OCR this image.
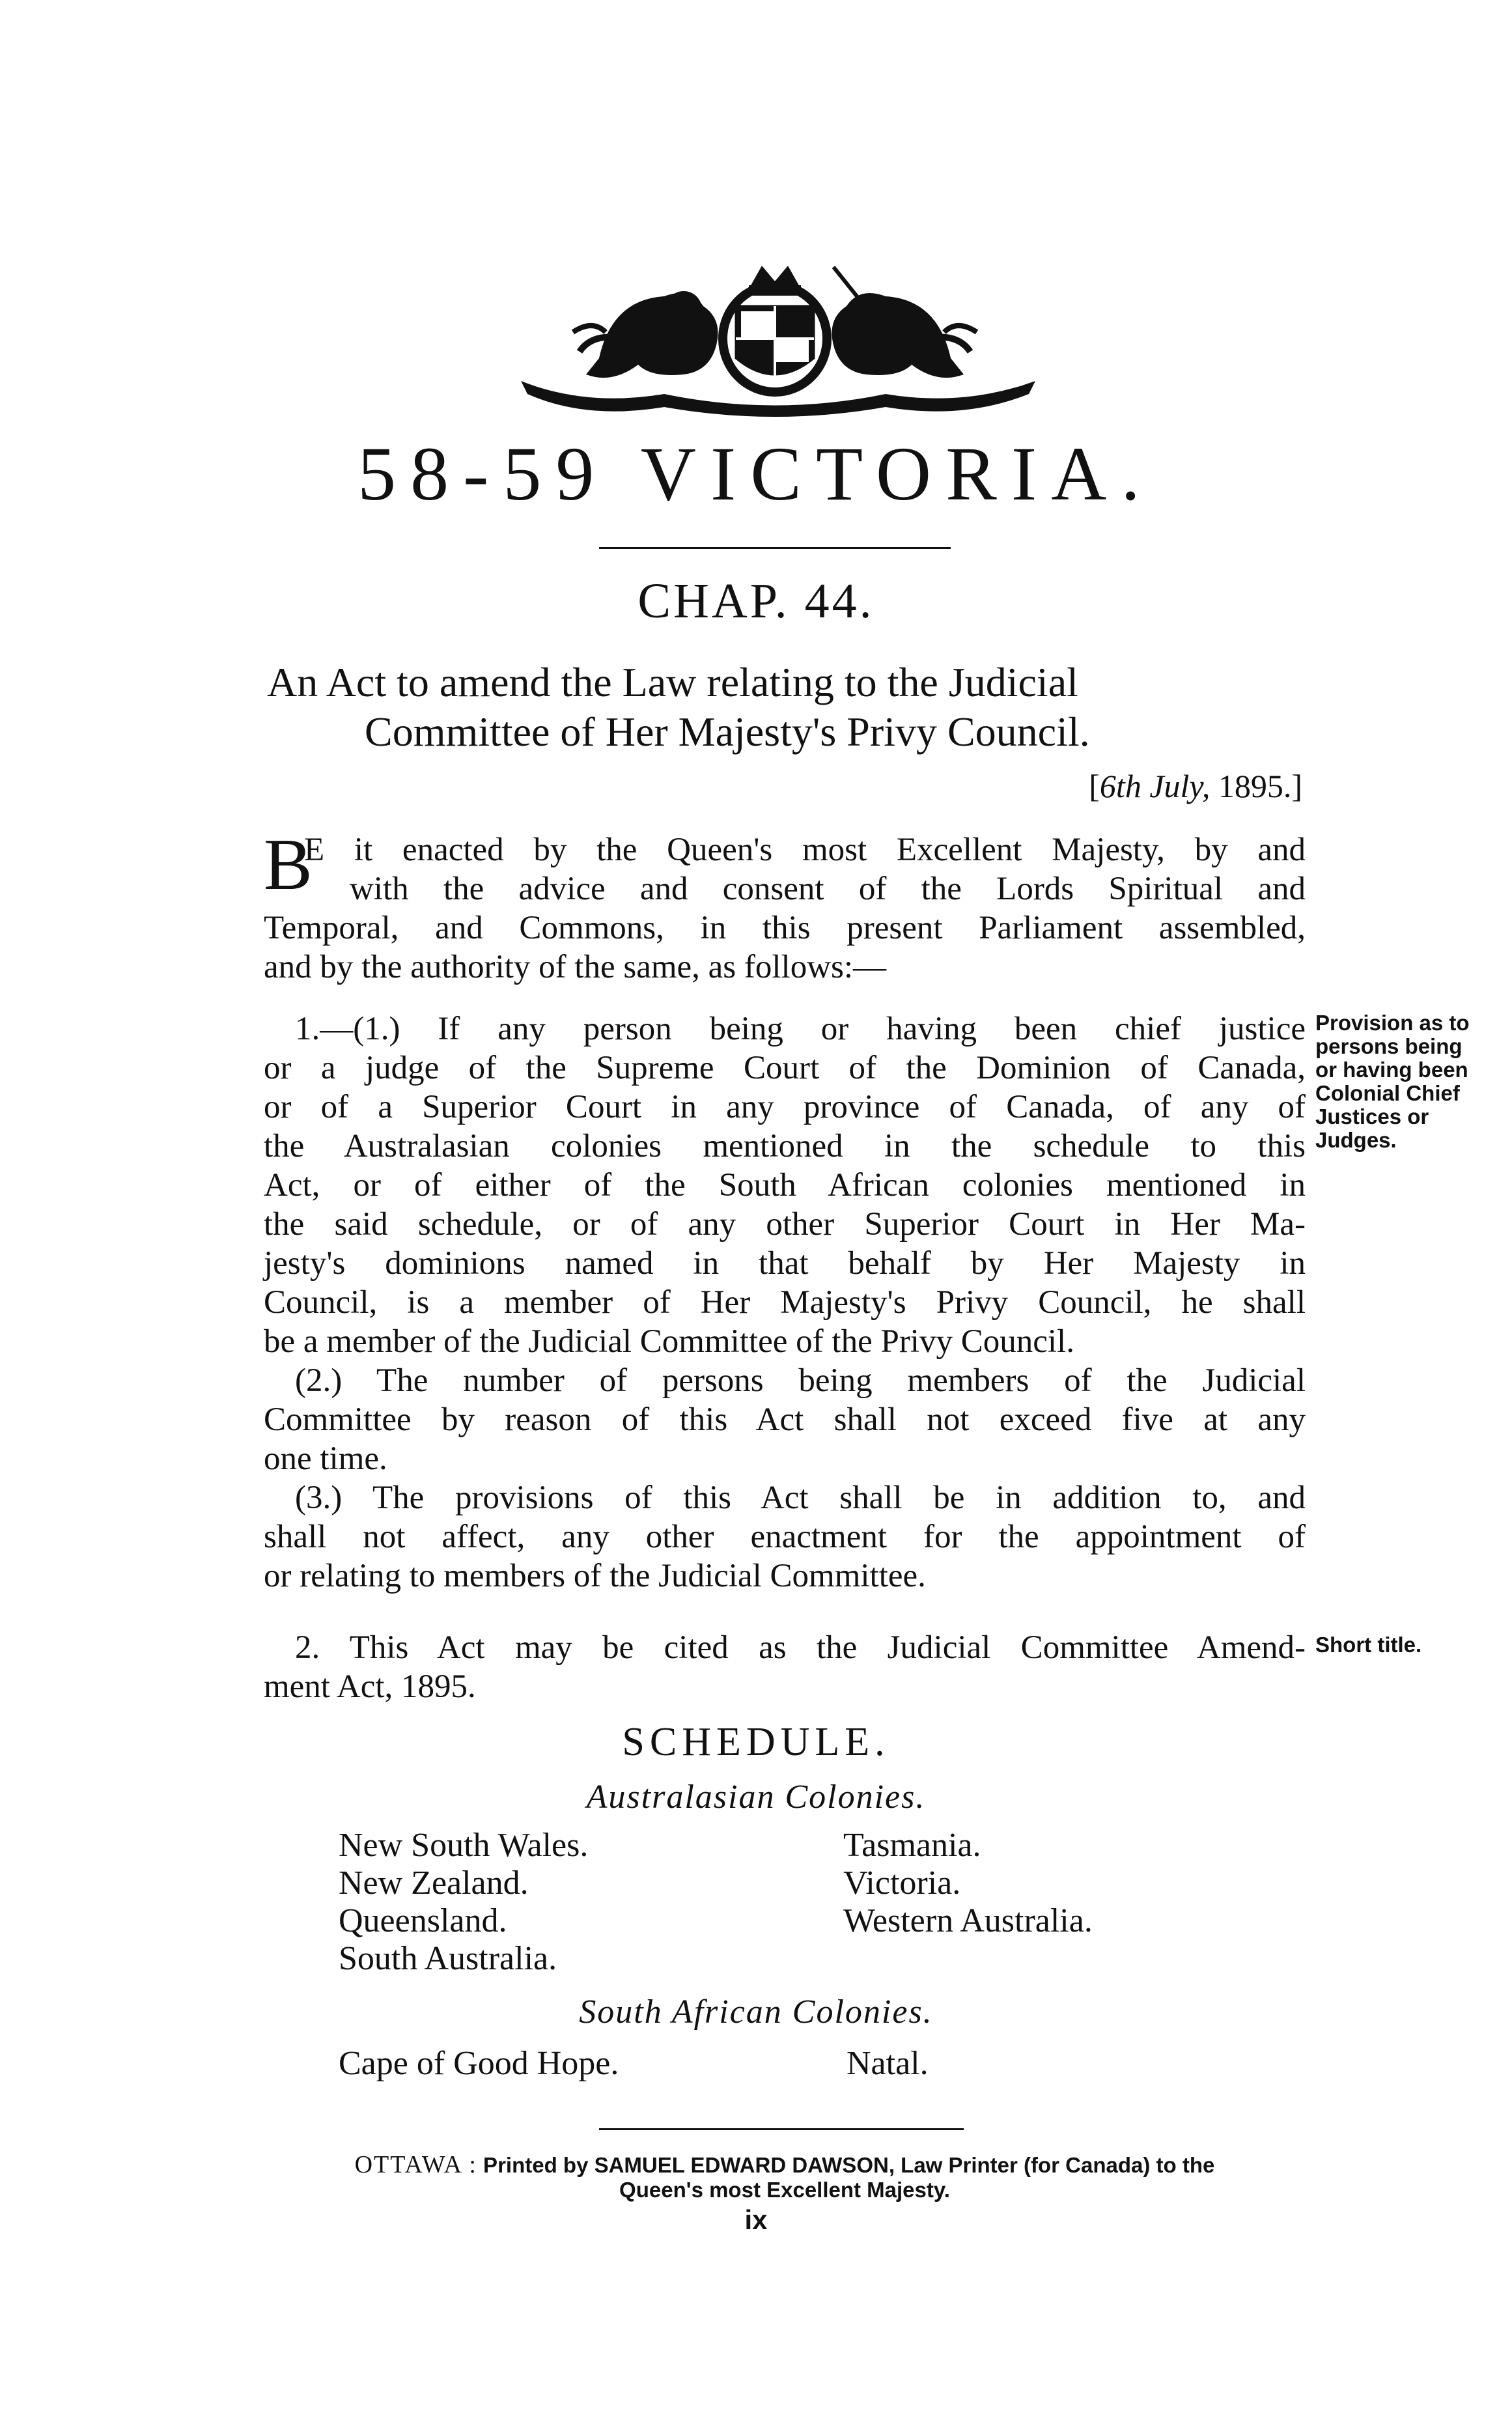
58-59 VICTORIA.
CHAP. 44.
An Act to amend the Law relating to the Judicial
Committee of Her Majesty's Privy Council.
[6th July, 1895.]
B
E it enacted by the Queen's most Excellent Majesty, by and
with the advice and consent of the Lords Spiritual and
Temporal, and Commons, in this present Parliament assembled,
and by the authority of the same, as follows:—
1.—(1.) If any person being or having been chief justice
or a judge of the Supreme Court of the Dominion of Canada,
or of a Superior Court in any province of Canada, of any of
the Australasian colonies mentioned in the schedule to this
Act, or of either of the South African colonies mentioned in
the said schedule, or of any other Superior Court in Her Ma-
jesty's dominions named in that behalf by Her Majesty in
Council, is a member of Her Majesty's Privy Council, he shall
be a member of the Judicial Committee of the Privy Council.
(2.) The number of persons being members of the Judicial
Committee by reason of this Act shall not exceed five at any
one time.
(3.) The provisions of this Act shall be in addition to, and
shall not affect, any other enactment for the appointment of
or relating to members of the Judicial Committee.
Provision as to
persons being
or having been
Colonial Chief
Justices or
Judges.
2. This Act may be cited as the Judicial Committee Amend-
ment Act, 1895.
Short title.
SCHEDULE.
Australasian Colonies.
New South Wales.
New Zealand.
Queensland.
South Australia.
Tasmania.
Victoria.
Western Australia.
South African Colonies.
Cape of Good Hope.	Natal.
OTTAWA : Printed by SAMUEL EDWARD DAWSON, Law Printer (for Canada) to the
Queen's most Excellent Majesty.
ix
